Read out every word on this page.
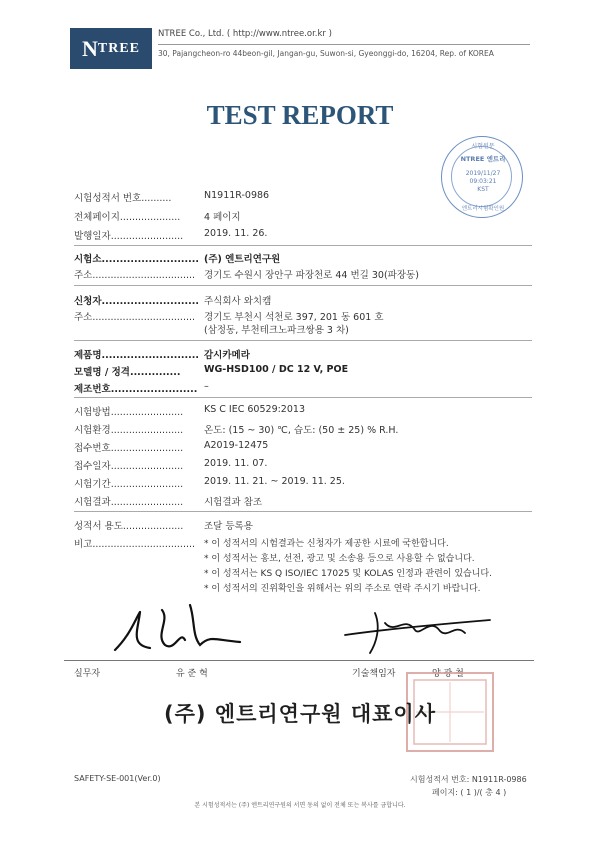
N TREE
NTREE Co., Ltd. ( http://www.ntree.or.kr )
30, Pajangcheon-ro 44beon-gil, Jangan-gu, Suwon-si, Gyeonggi-do, 16204, Rep. of KOREA
TEST REPORT
시험원문
NTREE 엔트리
2019/11/27
09:03:21
KST
엔트리시험확인원
시험성적서 번호..........	N1911R-0986
전체페이지.................... 4 페이지
발행일자........................ 2019. 11. 26.
시험소........................... (주) 엔트리연구원
주소.................................. 경기도 수원시 장안구 파장천로 44 번길 30(파장동)
신청자........................... 주식회사 와치캠
주소.................................. 경기도 부천시 석천로 397, 201 동 601 호
(삼정동, 부천테크노파크쌍용 3 차)
제품명........................... 감시카메라
모델명 / 정격.............. WG-HSD100 / DC 12 V, POE
제조번호........................ –
시험방법........................ KS C IEC 60529:2013
시험환경........................ 온도: (15 ~ 30) ℃, 습도: (50 ± 25) % R.H.
접수번호........................ A2019-12475
접수일자........................ 2019. 11. 07.
시험기간........................ 2019. 11. 21. ~ 2019. 11. 25.
시험결과........................ 시험결과 참조
성적서 용도.................... 조달 등록용
비고.................................. * 이 성적서의 시험결과는 신청자가 제공한 시료에 국한합니다.
* 이 성적서는 홍보, 선전, 광고 및 소송용 등으로 사용할 수 없습니다.
* 이 성적서는 KS Q ISO/IEC 17025 및 KOLAS 인정과 관련이 있습니다.
* 이 성적서의 진위확인을 위해서는 위의 주소로 연락 주시기 바랍니다.
실무자	유 준 혁	기술책임자	양 광 철
(주) 엔트리연구원 대표이사
SAFETY-SE-001(Ver.0)	시험성적서 번호: N1911R-0986
페이지: ( 1 )/( 총 4 )
본 시험성적서는 (주) 엔트리연구원의 서면 동의 없이 전체 또는 복사를 금합니다.
